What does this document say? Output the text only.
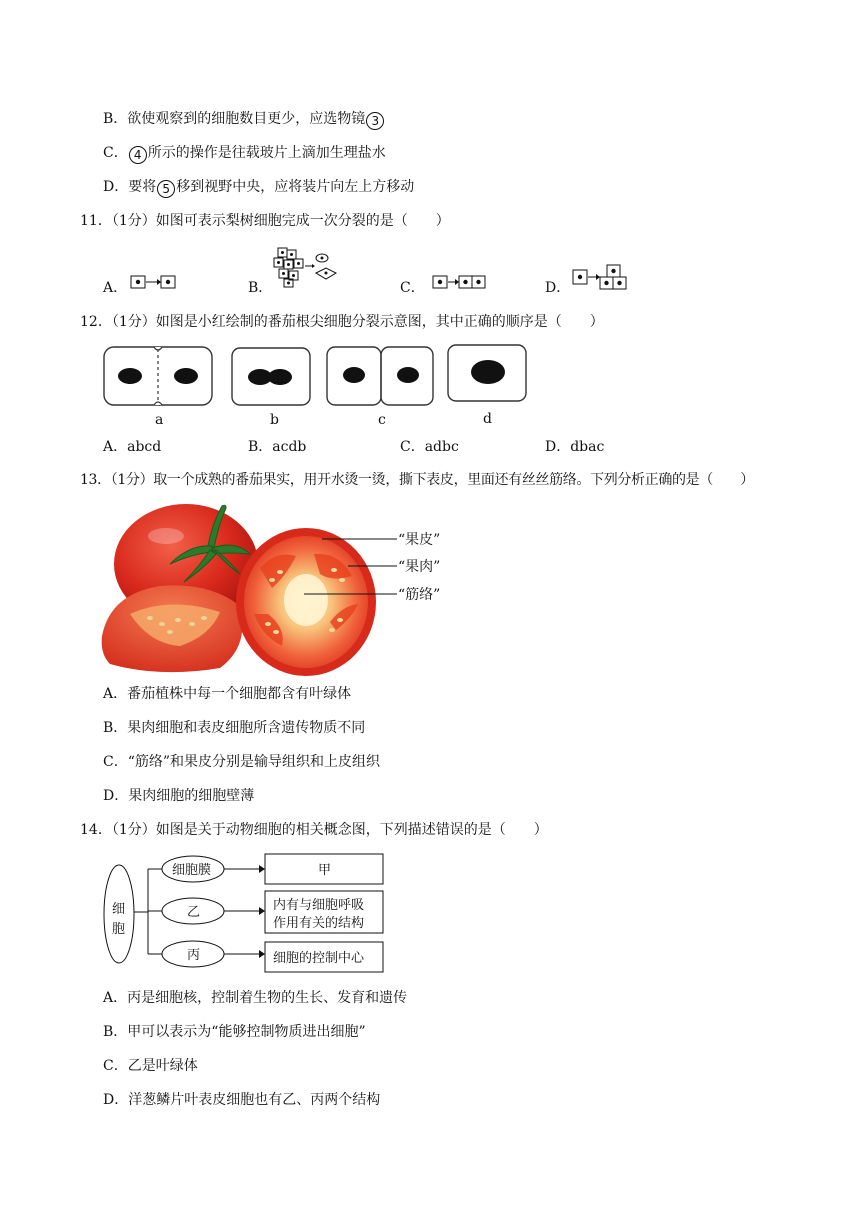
B．欲使观察到的细胞数目更少，应选物镜 3
C． 4 所示的操作是往载玻片上滴加生理盐水
D．要将 5 移到视野中央，应将装片向左上方移动
11．（1分）如图可表示梨树细胞完成一次分裂的是（　　）
A．	B．	C．	D．
12．（1分）如图是小红绘制的番茄根尖细胞分裂示意图，其中正确的顺序是（　　）
a	b	c	d
A．abcd	B．acdb	C．adbc	D．dbac
13．（1分）取一个成熟的番茄果实，用开水烫一烫，撕下表皮，里面还有丝丝筋络。下列分析正确的是（　　）
“果皮”
“果肉”
“筋络”
A．番茄植株中每一个细胞都含有叶绿体
B．果肉细胞和表皮细胞所含遗传物质不同
C．“筋络”和果皮分别是输导组织和上皮组织
D．果肉细胞的细胞壁薄
14．（1分）如图是关于动物细胞的相关概念图，下列描述错误的是（　　）
细
胞
细胞膜
乙
丙
甲
内有与细胞呼吸
作用有关的结构
细胞的控制中心
A．丙是细胞核，控制着生物的生长、发育和遗传
B．甲可以表示为“能够控制物质进出细胞”
C．乙是叶绿体
D．洋葱鳞片叶表皮细胞也有乙、丙两个结构
